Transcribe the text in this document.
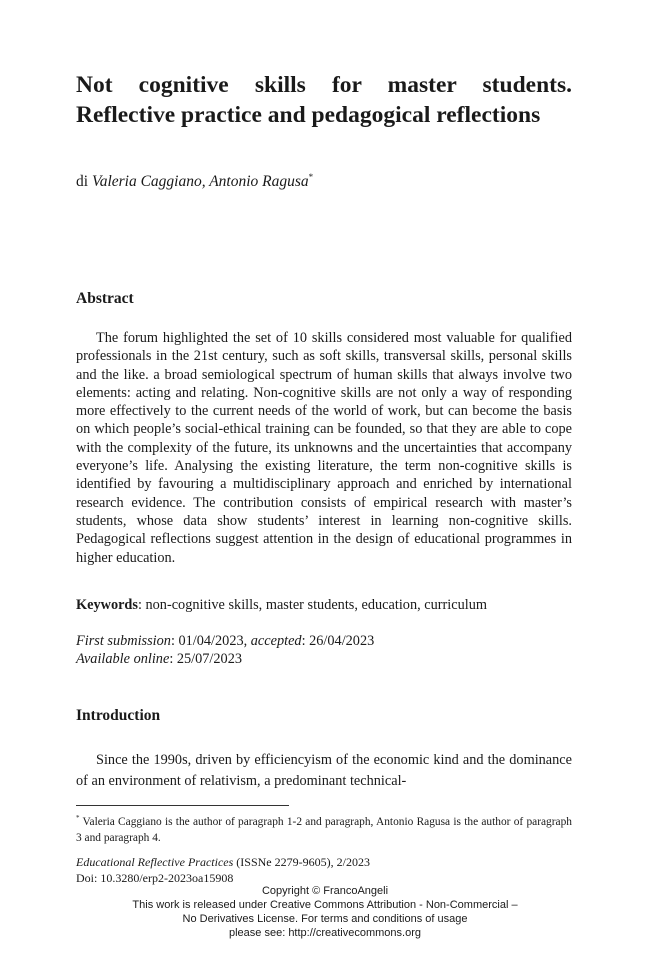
Not cognitive skills for master students.
Reflective practice and pedagogical reflections
di Valeria Caggiano, Antonio Ragusa*
Abstract

The forum highlighted the set of 10 skills considered most valuable for qualified professionals in the 21st century, such as soft skills, transversal skills, personal skills and the like. a broad semiological spectrum of human skills that always involve two elements: acting and relating. Non-cognitive skills are not only a way of responding more effectively to the current needs of the world of work, but can become the basis on which people’s social-ethical training can be founded, so that they are able to cope with the complexity of the future, its unknowns and the uncertainties that accompany everyone’s life. Analysing the existing literature, the term non-cognitive skills is identified by favouring a multidisciplinary approach and enriched by international research evidence. The contribution consists of empirical research with master’s students, whose data show students’ interest in learning non-cognitive skills. Pedagogical reflections suggest attention in the design of educational programmes in higher education.

Keywords: non-cognitive skills, master students, education, curriculum
First submission: 01/04/2023, accepted: 26/04/2023
Available online: 25/07/2023
Introduction

Since the 1990s, driven by efficiencyism of the economic kind and the dominance of an environment of relativism, a predominant technical-

* Valeria Caggiano is the author of paragraph 1-2 and paragraph, Antonio Ragusa is the author of paragraph 3 and paragraph 4.
Educational Reflective Practices (ISSNe 2279-9605), 2/2023
Doi: 10.3280/erp2-2023oa15908
Copyright © FrancoAngeli
This work is released under Creative Commons Attribution - Non-Commercial –
No Derivatives License. For terms and conditions of usage
please see: http://creativecommons.org
